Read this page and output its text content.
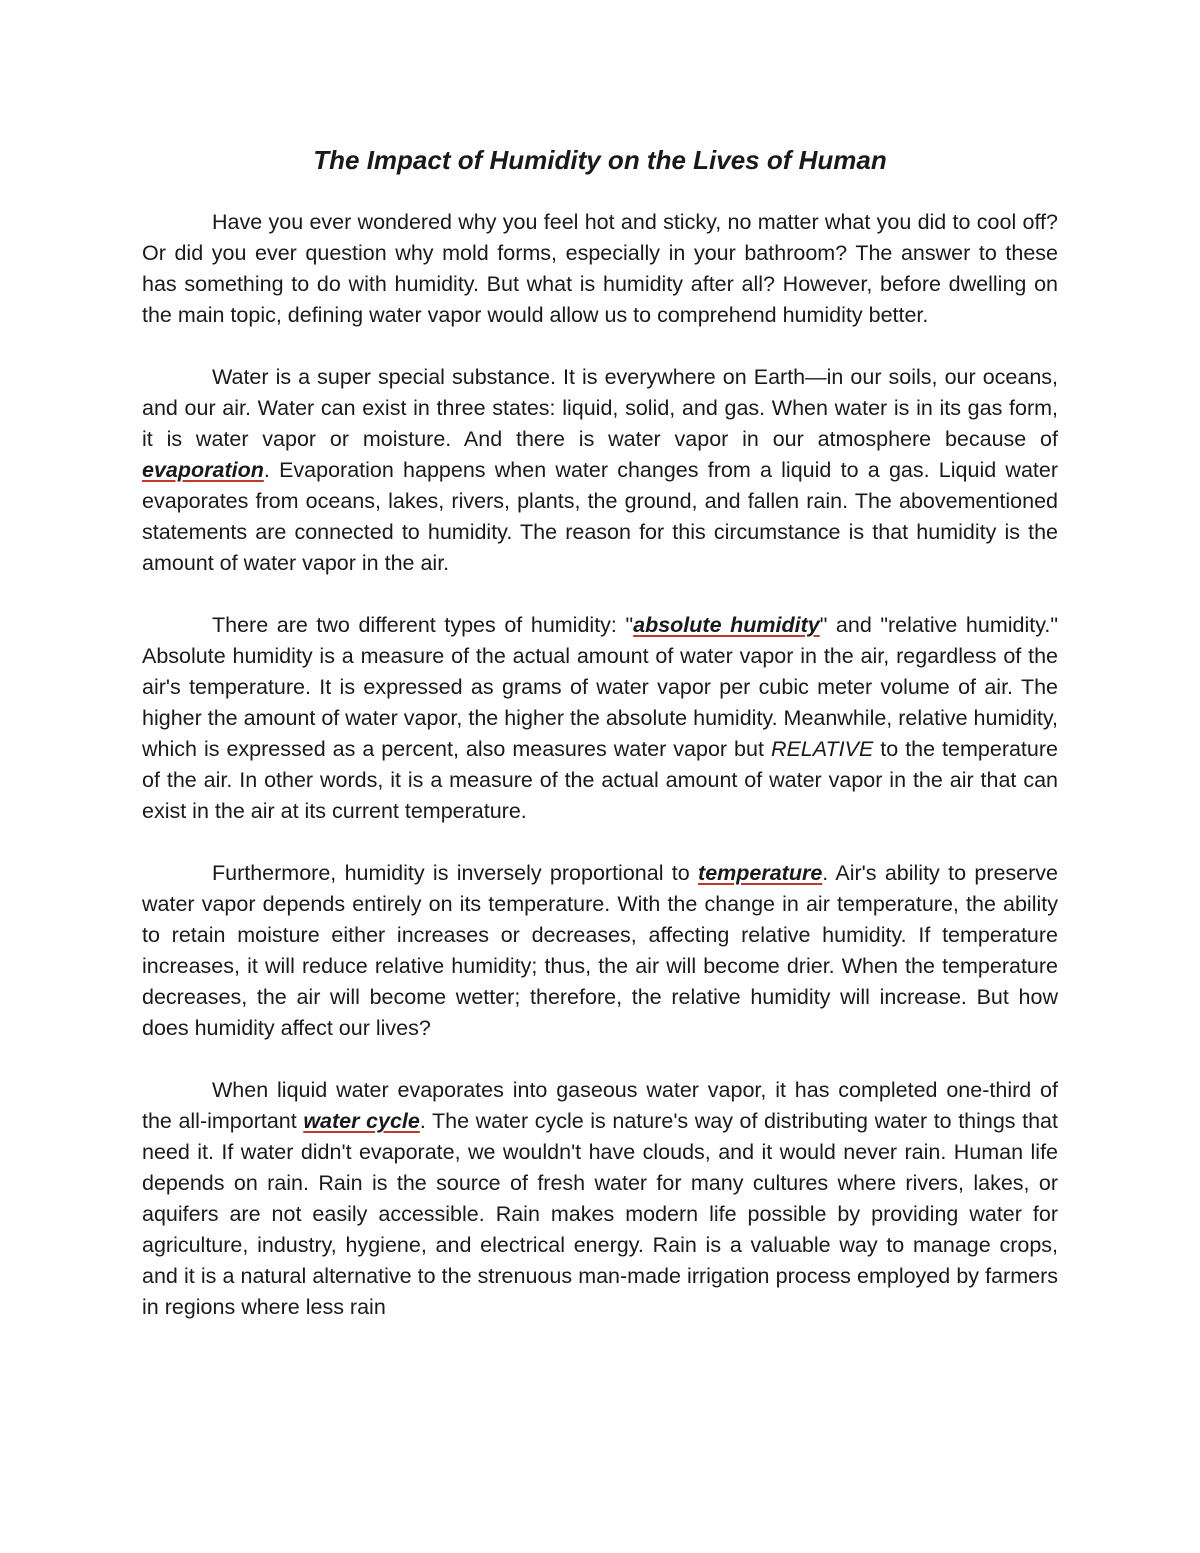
The Impact of Humidity on the Lives of Human

Have you ever wondered why you feel hot and sticky, no matter what you did to cool off? Or did you ever question why mold forms, especially in your bathroom? The answer to these has something to do with humidity. But what is humidity after all? However, before dwelling on the main topic, defining water vapor would allow us to comprehend humidity better.

Water is a super special substance. It is everywhere on Earth—in our soils, our oceans, and our air. Water can exist in three states: liquid, solid, and gas. When water is in its gas form, it is water vapor or moisture. And there is water vapor in our atmosphere because of evaporation. Evaporation happens when water changes from a liquid to a gas. Liquid water evaporates from oceans, lakes, rivers, plants, the ground, and fallen rain. The abovementioned statements are connected to humidity. The reason for this circumstance is that humidity is the amount of water vapor in the air.

There are two different types of humidity: "absolute humidity" and "relative humidity." Absolute humidity is a measure of the actual amount of water vapor in the air, regardless of the air's temperature. It is expressed as grams of water vapor per cubic meter volume of air. The higher the amount of water vapor, the higher the absolute humidity. Meanwhile, relative humidity, which is expressed as a percent, also measures water vapor but RELATIVE to the temperature of the air. In other words, it is a measure of the actual amount of water vapor in the air that can exist in the air at its current temperature.

Furthermore, humidity is inversely proportional to temperature. Air's ability to preserve water vapor depends entirely on its temperature. With the change in air temperature, the ability to retain moisture either increases or decreases, affecting relative humidity. If temperature increases, it will reduce relative humidity; thus, the air will become drier. When the temperature decreases, the air will become wetter; therefore, the relative humidity will increase. But how does humidity affect our lives?

When liquid water evaporates into gaseous water vapor, it has completed one-third of the all-important water cycle. The water cycle is nature's way of distributing water to things that need it. If water didn't evaporate, we wouldn't have clouds, and it would never rain. Human life depends on rain. Rain is the source of fresh water for many cultures where rivers, lakes, or aquifers are not easily accessible. Rain makes modern life possible by providing water for agriculture, industry, hygiene, and electrical energy. Rain is a valuable way to manage crops, and it is a natural alternative to the strenuous man-made irrigation process employed by farmers in regions where less rain
